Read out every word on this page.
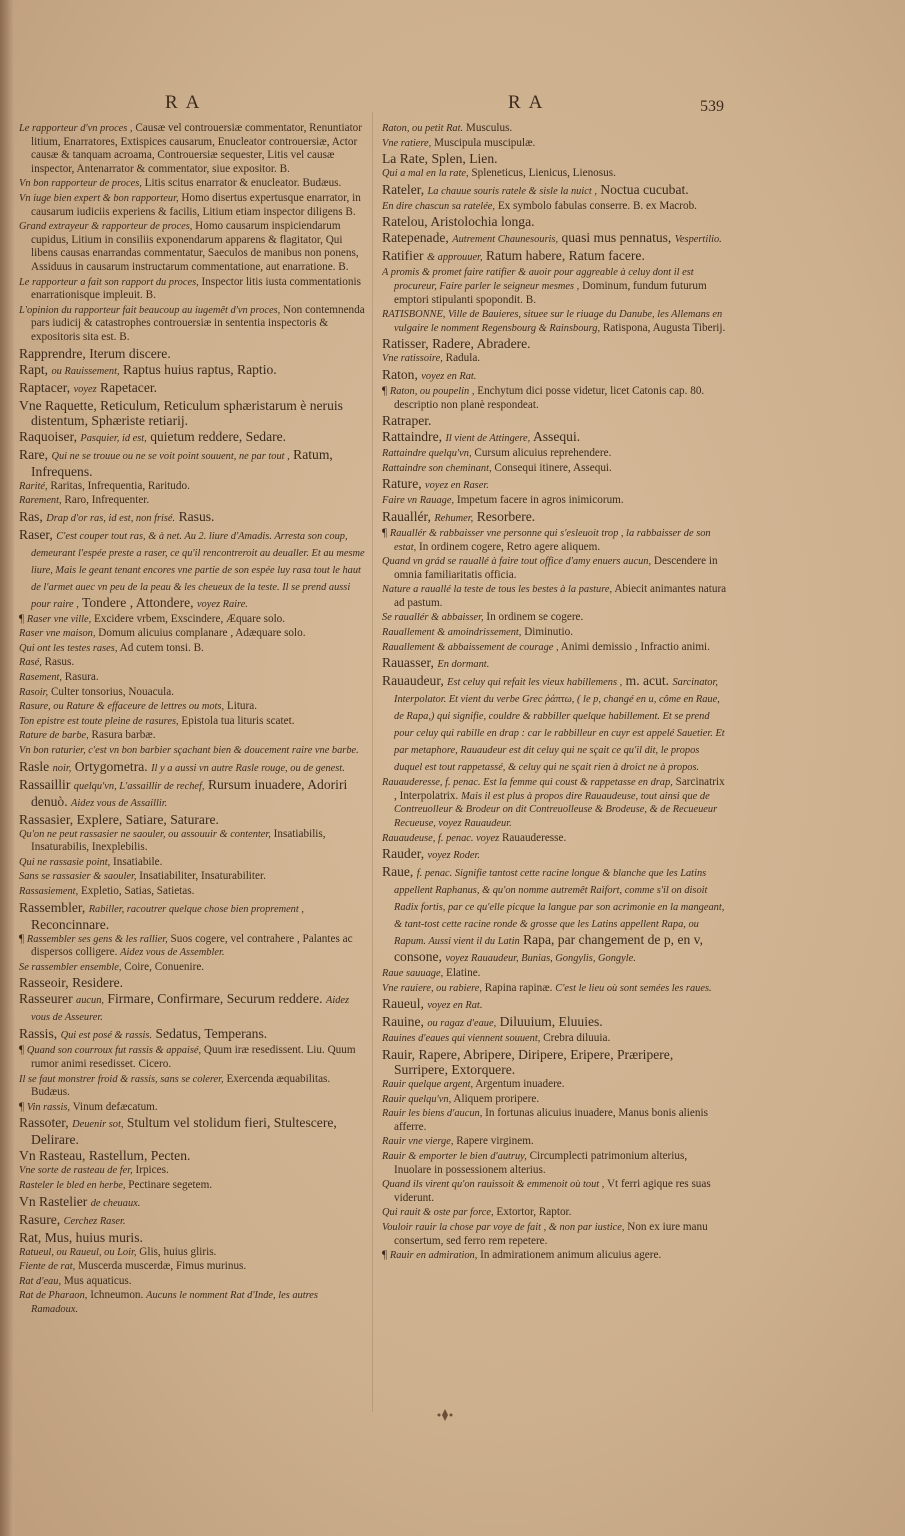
RA	RA	539
Le rapporteur d'vn proces , Causæ vel controuersiæ commentator, Renuntiator litium, Enarratores, Extispices causarum, Enucleator controuersiæ, Actor causæ & tanquam acroama, Controuersiæ sequester, Litis vel causæ inspector, Antenarrator & commentator, siue expositor. B.
Vn bon rapporteur de proces, Litis scitus enarrator & enucleator. Budæus.
Vn iuge bien expert & bon rapporteur, Homo disertus expertusque enarrator, in causarum iudiciis experiens & facilis, Litium etiam inspector diligens B.
Grand extrayeur & rapporteur de proces, Homo causarum inspiciendarum cupidus, Litium in consiliis exponendarum apparens & flagitator, Qui libens causas enarrandas commentatur, Saeculos de manibus non ponens, Assiduus in causarum instructarum commentatione, aut enarratione. B.
Le rapporteur a fait son rapport du proces, Inspector litis iusta commentationis enarrationisque impleuit. B.
L'opinion du rapporteur fait beaucoup au iugemêt d'vn proces, Non contemnenda pars iudicij & catastrophes controuersiæ in sententia inspectoris & expositoris sita est. B.
Rapprendre, Iterum discere.
Rapt, ou Rauissement, Raptus huius raptus, Raptio.
Raptacer, voyez Rapetacer.
Vne Raquette, Reticulum, Reticulum sphæristarum è neruis distentum, Sphæriste retiarij.
Raquoiser, Pasquier, id est, quietum reddere, Sedare.
Rare, Qui ne se trouue ou ne se voit point souuent, ne par tout , Ratum, Infrequens.
Rarité, Raritas, Infrequentia, Raritudo.
Rarement, Raro, Infrequenter.
Ras, Drap d'or ras, id est, non frisé. Rasus.
Raser, C'est couper tout ras, & à net. Au 2. liure d'Amadis. Arresta son coup, demeurant l'espée preste a raser, ce qu'il rencontreroit au deualler. Et au mesme liure, Mais le geant tenant encores vne partie de son espée luy rasa tout le haut de l'armet auec vn peu de la peau & les cheueux de la teste. Il se prend aussi pour raire , Tondere , Attondere, voyez Raire.
¶ Raser vne ville, Excidere vrbem, Exscindere, Æquare solo.
Raser vne maison, Domum alicuius complanare , Adæquare solo.
Qui ont les testes rases, Ad cutem tonsi. B.
Rasé, Rasus.
Rasement, Rasura.
Rasoir, Culter tonsorius, Nouacula.
Rasure, ou Rature & effaceure de lettres ou mots, Litura.
Ton epistre est toute pleine de rasures, Epistola tua lituris scatet.
Rature de barbe, Rasura barbæ.
Vn bon raturier, c'est vn bon barbier sçachant bien & doucement raire vne barbe.
Rasle noir, Ortygometra. Il y a aussi vn autre Rasle rouge, ou de genest.
Rassaillir quelqu'vn, L'assaillir de rechef, Rursum inuadere, Adoriri denuò. Aidez vous de Assaillir.
Rassasier, Explere, Satiare, Saturare.
Qu'on ne peut rassasier ne saouler, ou assouuir & contenter, Insatiabilis, Insaturabilis, Inexplebilis.
Qui ne rassasie point, Insatiabile.
Sans se rassasier & saouler, Insatiabiliter, Insaturabiliter.
Rassasiement, Expletio, Satias, Satietas.
Rassembler, Rabiller, racoutrer quelque chose bien proprement , Reconcinnare.
¶ Rassembler ses gens & les rallier, Suos cogere, vel contrahere , Palantes ac dispersos colligere. Aidez vous de Assembler.
Se rassembler ensemble, Coire, Conuenire.
Rasseoir, Residere.
Rasseurer aucun, Firmare, Confirmare, Securum reddere. Aidez vous de Asseurer.
Rassis, Qui est posé & rassis. Sedatus, Temperans.
¶ Quand son courroux fut rassis & appaisé, Quum iræ resedissent. Liu. Quum rumor animi resedisset. Cicero.
Il se faut monstrer froid & rassis, sans se colerer, Exercenda æquabilitas. Budæus.
¶ Vin rassis, Vinum defæcatum.
Rassoter, Deuenir sot, Stultum vel stolidum fieri, Stultescere, Delirare.
Vn Rasteau, Rastellum, Pecten.
Vne sorte de rasteau de fer, Irpices.
Rasteler le bled en herbe, Pectinare segetem.
Vn Rastelier de cheuaux.
Rasure, Cerchez Raser.
Rat, Mus, huius muris.
Ratueul, ou Raueul, ou Loir, Glis, huius gliris.
Fiente de rat, Muscerda muscerdæ, Fimus murinus.
Rat d'eau, Mus aquaticus.
Rat de Pharaon, Ichneumon. Aucuns le nomment Rat d'Inde, les autres Ramadoux.
Raton, ou petit Rat. Musculus.
Vne ratiere, Muscipula muscipulæ.
La Rate, Splen, Lien.
Qui a mal en la rate, Spleneticus, Lienicus, Lienosus.
Rateler, La chauue souris ratele & sisle la nuict , Noctua cucubat.
En dire chascun sa ratelée, Ex symbolo fabulas conserre. B. ex Macrob.
Ratelou, Aristolochia longa.
Ratepenade, Autrement Chaunesouris, quasi mus pennatus, Vespertilio.
Ratifier & approuuer, Ratum habere, Ratum facere.
A promis & promet faire ratifier & auoir pour aggreable à celuy dont il est procureur, Faire parler le seigneur mesmes , Dominum, fundum futurum emptori stipulanti spopondit. B.
RATISBONNE, Ville de Bauieres, situee sur le riuage du Danube, les Allemans en vulgaire le nomment Regensbourg & Rainsbourg, Ratispona, Augusta Tiberij.
Ratisser, Radere, Abradere.
Vne ratissoire, Radula.
Raton, voyez en Rat.
¶ Raton, ou poupelin , Enchytum dici posse videtur, licet Catonis cap. 80. descriptio non planè respondeat.
Ratraper.
Rattaindre, Il vient de Attingere, Assequi.
Rattaindre quelqu'vn, Cursum alicuius reprehendere.
Rattaindre son cheminant, Consequi itinere, Assequi.
Rature, voyez en Raser.
Faire vn Rauage, Impetum facere in agros inimicorum.
Rauallér, Rehumer, Resorbere.
¶ Rauallér & rabbaisser vne personne qui s'esleuoit trop , la rabbaisser de son estat, In ordinem cogere, Retro agere aliquem.
Quand vn grád se rauallé à faire tout office d'amy enuers aucun, Descendere in omnia familiaritatis officia.
Nature a rauallé la teste de tous les bestes à la pasture, Abiecit animantes natura ad pastum.
Se rauallér & abbaisser, In ordinem se cogere.
Rauallement & amoindrissement, Diminutio.
Rauallement & abbaissement de courage , Animi demissio , Infractio animi.
Rauasser, En dormant.
Rauaudeur, Est celuy qui refait les vieux habillemens , m. acut. Sarcinator, Interpolator. Et vient du verbe Grec ῥάπτω, ( le p, changé en u, côme en Raue, de Rapa,) qui signifie, couldre & rabbiller quelque habillement. Et se prend pour celuy qui rabille en drap : car le rabbilleur en cuyr est appelé Sauetier. Et par metaphore, Rauaudeur est dit celuy qui ne sçait ce qu'il dit, le propos duquel est tout rappetassé, & celuy qui ne sçait rien à droict ne à propos.
Rauauderesse, f. penac. Est la femme qui coust & rappetasse en drap, Sarcinatrix , Interpolatrix. Mais il est plus à propos dire Rauaudeuse, tout ainsi que de Contreuolleur & Brodeur on dit Contreuolleuse & Brodeuse, & de Recueueur Recueuse, voyez Rauaudeur.
Rauaudeuse, f. penac. voyez Rauauderesse.
Rauder, voyez Roder.
Raue, f. penac. Signifie tantost cette racine longue & blanche que les Latins appellent Raphanus, & qu'on nomme autremêt Raifort, comme s'il on disoit Radix fortis, par ce qu'elle picque la langue par son acrimonie en la mangeant, & tant-tost cette racine ronde & grosse que les Latins appellent Rapa, ou Rapum. Aussi vient il du Latin Rapa, par changement de p, en v, consone, voyez Rauaudeur, Bunias, Gongylis, Gongyle.
Raue sauuage, Elatine.
Vne rauiere, ou rabiere, Rapina rapinæ. C'est le lieu où sont semées les raues.
Raueul, voyez en Rat.
Rauine, ou ragaz d'eaue, Diluuium, Eluuies.
Rauines d'eaues qui viennent souuent, Crebra diluuia.
Rauir, Rapere, Abripere, Diripere, Eripere, Præripere, Surripere, Extorquere.
Rauir quelque argent, Argentum inuadere.
Rauir quelqu'vn, Aliquem proripere.
Rauir les biens d'aucun, In fortunas alicuius inuadere, Manus bonis alienis afferre.
Rauir vne vierge, Rapere virginem.
Rauir & emporter le bien d'autruy, Circumplecti patrimonium alterius, Inuolare in possessionem alterius.
Quand ils virent qu'on rauissoit & emmenoit où tout , Vt ferri agique res suas viderunt.
Qui rauit & oste par force, Extortor, Raptor.
Vouloir rauir la chose par voye de fait , & non par iustice, Non ex iure manu consertum, sed ferro rem repetere.
¶ Rauir en admiration, In admirationem animum alicuius agere.
